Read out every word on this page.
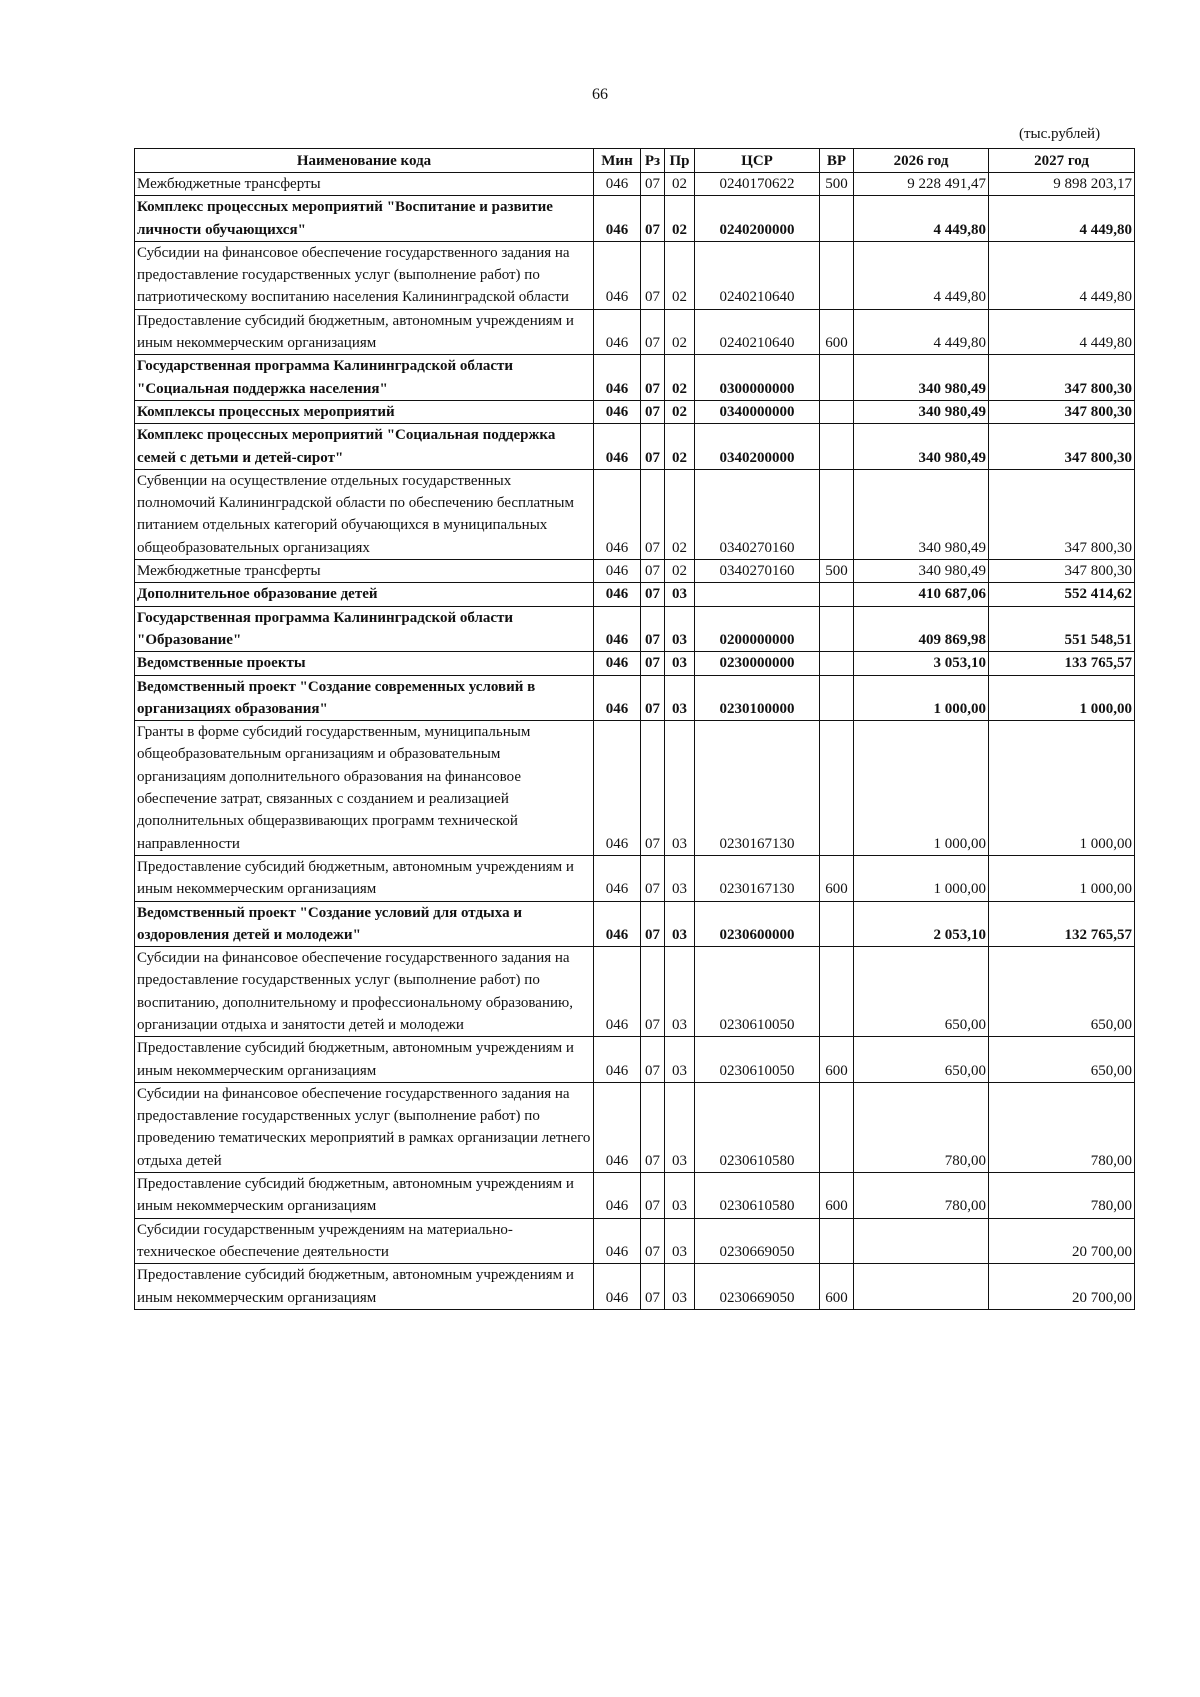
66
(тыс.рублей)
Наименование кода	Мин	Рз	Пр	ЦСР	ВР	2026 год	2027 год
Межбюджетные трансферты	046	07	02	0240170622	500	9 228 491,47	9 898 203,17
Комплекс процессных мероприятий "Воспитание и развитие личности обучающихся"	046	07	02	0240200000		4 449,80	4 449,80
Субсидии на финансовое обеспечение государственного задания на предоставление государственных услуг (выполнение работ) по патриотическому воспитанию населения Калининградской области	046	07	02	0240210640		4 449,80	4 449,80
Предоставление субсидий бюджетным, автономным учреждениям и иным некоммерческим организациям	046	07	02	0240210640	600	4 449,80	4 449,80
Государственная программа Калининградской области "Социальная поддержка населения"	046	07	02	0300000000		340 980,49	347 800,30
Комплексы процессных мероприятий	046	07	02	0340000000		340 980,49	347 800,30
Комплекс процессных мероприятий "Социальная поддержка семей с детьми и детей-сирот"	046	07	02	0340200000		340 980,49	347 800,30
Субвенции на осуществление отдельных государственных полномочий Калининградской области по обеспечению бесплатным питанием отдельных категорий обучающихся в муниципальных общеобразовательных организациях	046	07	02	0340270160		340 980,49	347 800,30
Межбюджетные трансферты	046	07	02	0340270160	500	340 980,49	347 800,30
Дополнительное образование детей	046	07	03			410 687,06	552 414,62
Государственная программа Калининградской области "Образование"	046	07	03	0200000000		409 869,98	551 548,51
Ведомственные проекты	046	07	03	0230000000		3 053,10	133 765,57
Ведомственный проект "Создание современных условий в организациях образования"	046	07	03	0230100000		1 000,00	1 000,00
Гранты в форме субсидий государственным, муниципальным общеобразовательным организациям и образовательным организациям дополнительного образования на финансовое обеспечение затрат, связанных с созданием и реализацией дополнительных общеразвивающих программ технической направленности	046	07	03	0230167130		1 000,00	1 000,00
Предоставление субсидий бюджетным, автономным учреждениям и иным некоммерческим организациям	046	07	03	0230167130	600	1 000,00	1 000,00
Ведомственный проект "Создание условий для отдыха и оздоровления детей и молодежи"	046	07	03	0230600000		2 053,10	132 765,57
Субсидии на финансовое обеспечение государственного задания на предоставление государственных услуг (выполнение работ) по воспитанию, дополнительному и профессиональному образованию, организации отдыха и занятости детей и молодежи	046	07	03	0230610050		650,00	650,00
Предоставление субсидий бюджетным, автономным учреждениям и иным некоммерческим организациям	046	07	03	0230610050	600	650,00	650,00
Субсидии на финансовое обеспечение государственного задания на предоставление государственных услуг (выполнение работ) по проведению тематических мероприятий в рамках организации летнего отдыха детей	046	07	03	0230610580		780,00	780,00
Предоставление субсидий бюджетным, автономным учреждениям и иным некоммерческим организациям	046	07	03	0230610580	600	780,00	780,00
Субсидии государственным учреждениям на материально-техническое обеспечение деятельности	046	07	03	0230669050			20 700,00
Предоставление субсидий бюджетным, автономным учреждениям и иным некоммерческим организациям	046	07	03	0230669050	600		20 700,00
